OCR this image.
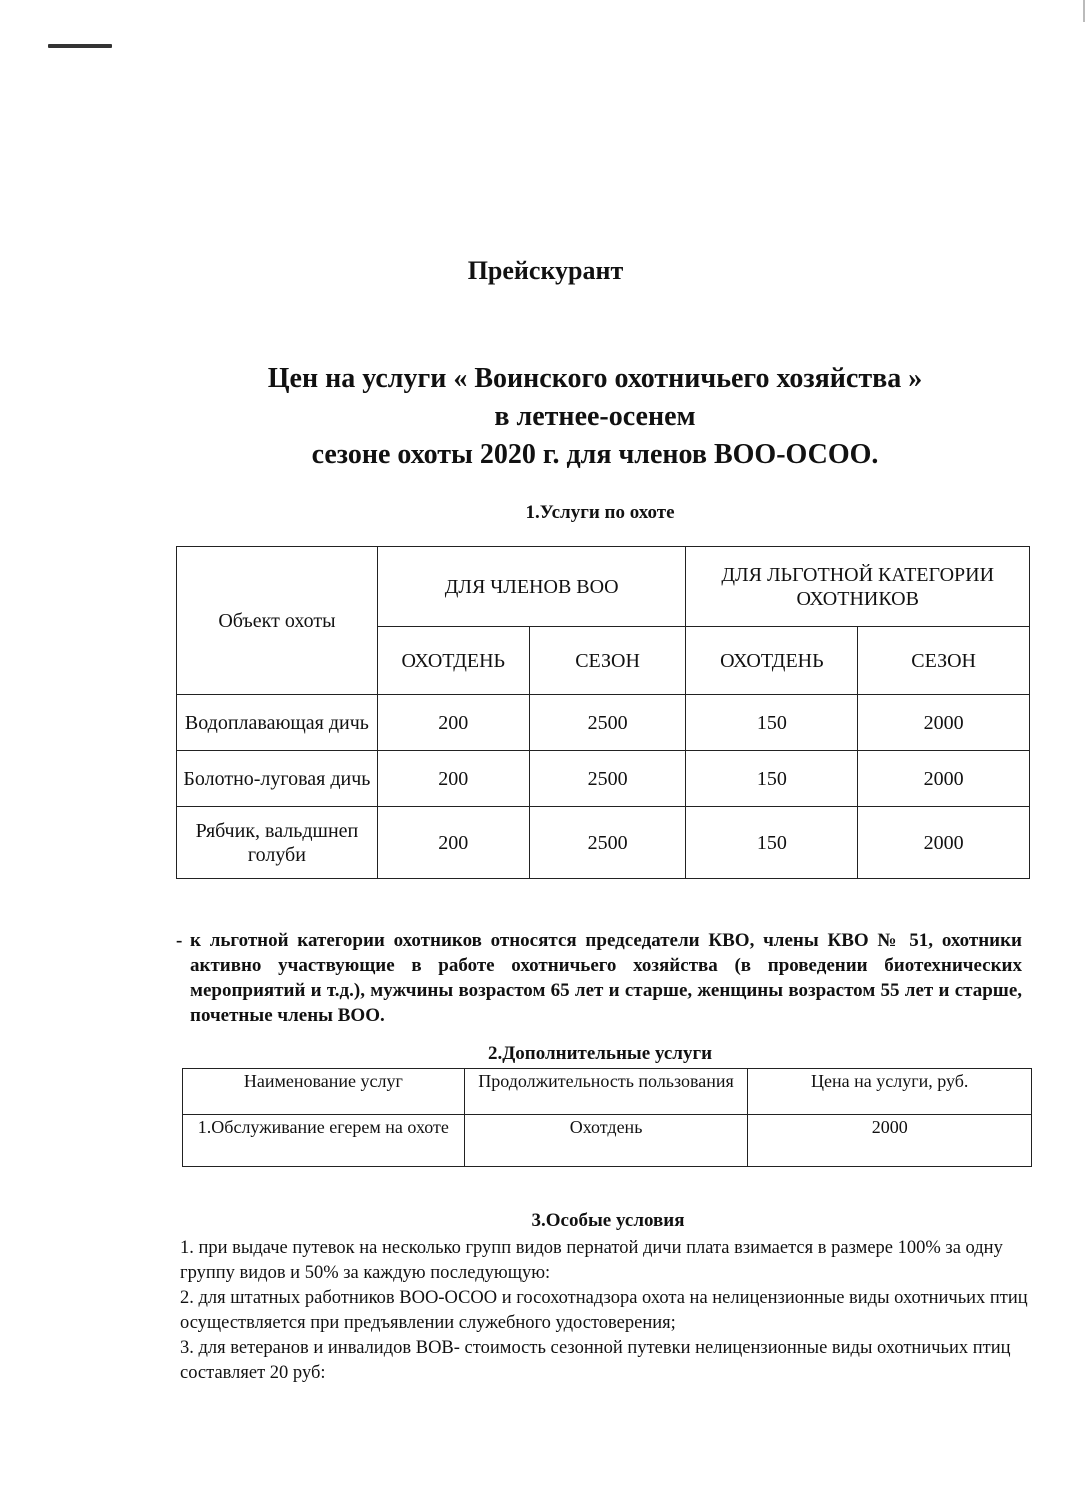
Прейскурант
Цен на услуги « Воинского охотничьего хозяйства »
в летнее-осенем
сезоне охоты 2020 г. для членов ВОО-ОСОО.
1.Услуги по охоте
Объект охоты	ДЛЯ ЧЛЕНОВ ВОО		ДЛЯ ЛЬГОТНОЙ КАТЕГОРИИ ОХОТНИКОВ	
	ОХОТДЕНЬ	СЕЗОН	ОХОТДЕНЬ	СЕЗОН
Водоплавающая дичь	200	2500	150	2000
Болотно-луговая дичь	200	2500	150	2000
Рябчик, вальдшнеп голуби	200	2500	150	2000

- к льготной категории охотников относятся председатели КВО, члены КВО № 51, охотники активно участвующие в работе охотничьего хозяйства (в проведении биотехнических мероприятий и т.д.), мужчины возрастом 65 лет и старше, женщины возрастом 55 лет и старше, почетные члены ВОО.

2.Дополнительные услуги
Наименование услуг	Продолжительность пользования	Цена на услуги, руб.
1.Обслуживание егерем на охоте	Охотдень	2000
3.Особые условия
1. при выдаче путевок на несколько групп видов пернатой дичи плата взимается в размере 100% за одну группу видов и 50% за каждую последующую:
2. для штатных работников ВОО-ОСОО и госохотнадзора охота на нелицензионные виды охотничьих птиц осуществляется при предъявлении служебного удостоверения;
3. для ветеранов и инвалидов ВОВ- стоимость сезонной путевки нелицензионные виды охотничьих птиц составляет 20 руб:
